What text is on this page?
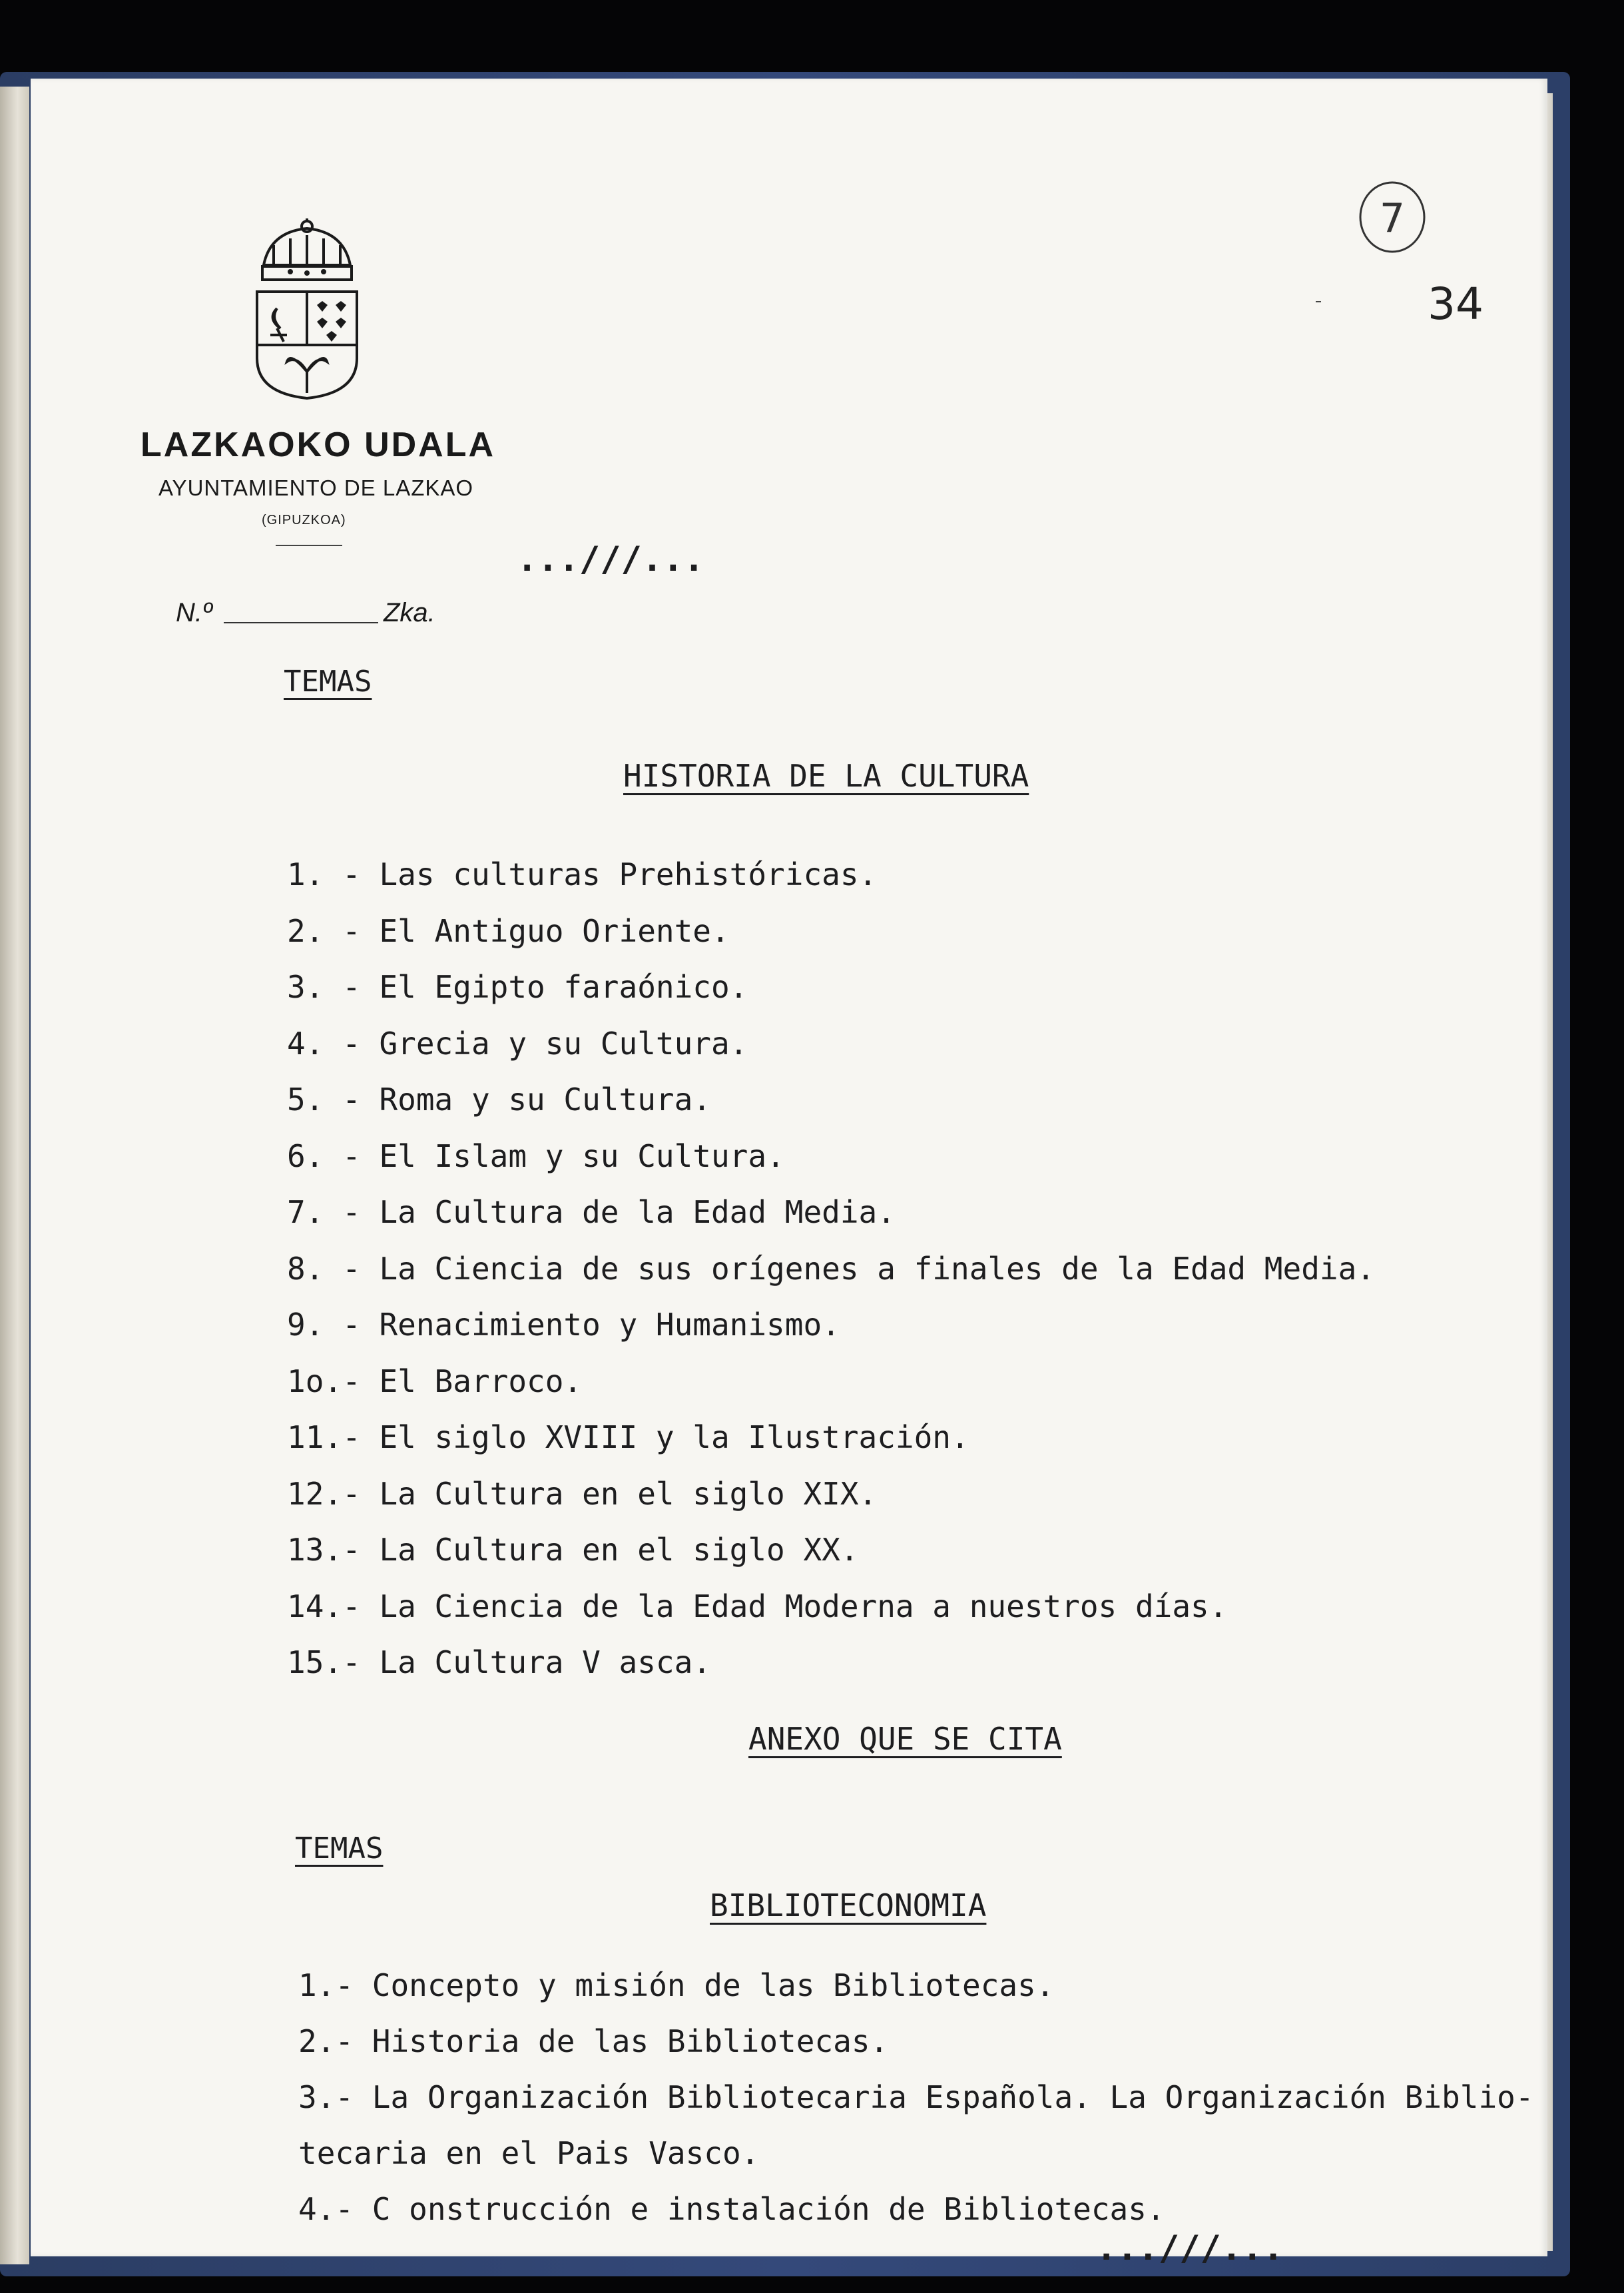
LAZKAOKO UDALA
AYUNTAMIENTO DE LAZKAO
(GIPUZKOA)
N.º	Zka.
7
34
...///...
TEMAS
HISTORIA DE LA CULTURA
1. - Las culturas Prehistóricas.
2. - El Antiguo Oriente.
3. - El Egipto faraónico.
4. - Grecia y su Cultura.
5. - Roma y su Cultura.
6. - El Islam y su Cultura.
7. - La Cultura de la Edad Media.
8. - La Ciencia de sus orígenes a finales de la Edad Media.
9. - Renacimiento y Humanismo.
1o.- El Barroco.
11.- El siglo XVIII y la Ilustración.
12.- La Cultura en el siglo XIX.
13.- La Cultura en el siglo XX.
14.- La Ciencia de la Edad Moderna a nuestros días.
15.- La Cultura V asca.
ANEXO QUE SE CITA
TEMAS
BIBLIOTECONOMIA
1.- Concepto y misión de las Bibliotecas.
2.- Historia de las Bibliotecas.
3.- La Organización Bibliotecaria Española. La Organización Biblio-
tecaria en el Pais Vasco.
4.- C onstrucción e instalación de Bibliotecas.
...///...
